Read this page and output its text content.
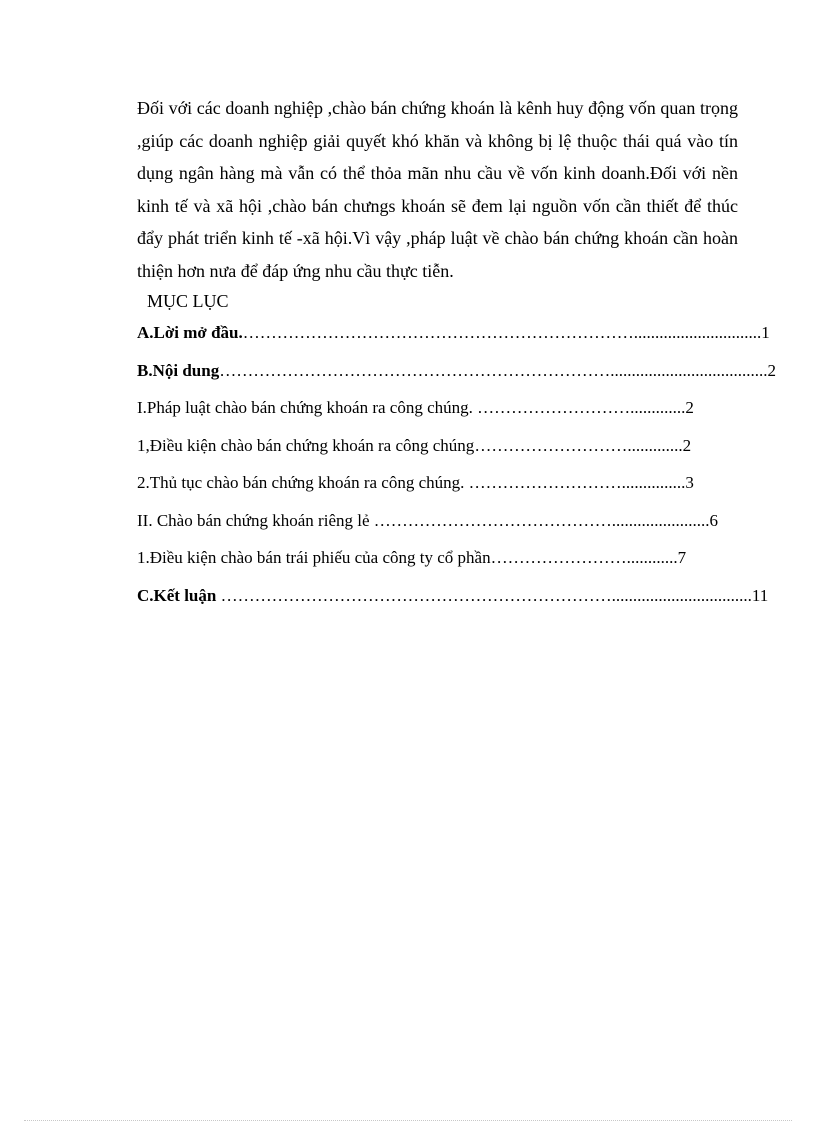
Đối với các doanh nghiệp ,chào bán chứng khoán là kênh huy động vốn quan trọng ,giúp các doanh nghiệp giải quyết khó khăn và không bị lệ thuộc thái quá vào tín dụng ngân hàng mà vẫn có thể thỏa mãn nhu cầu về vốn kinh doanh.Đối với nền kinh tế và xã hội ,chào bán chưngs khoán sẽ đem lại nguồn vốn cần thiết để thúc đẩy phát triển kinh tế -xã hội.Vì vậy ,pháp luật về chào bán chứng khoán cần hoàn thiện hơn nưa để đáp ứng nhu cầu thực tiễn.

MỤC LỤC
A.Lời mở đầu.……………………………………………………………..............................1
B.Nội dung…………………………………………………………….....................................2
I.Pháp luật chào bán chứng khoán ra công chúng. ……………………….............2
1,Điều kiện chào bán chứng khoán ra công chúng……………………….............2
2.Thủ tục chào bán chứng khoán ra công chúng. ………………………...............3
II. Chào bán chứng khoán riêng lẻ …………………………………….......................6
1.Điều kiện chào bán trái phiếu của công ty cổ phần……………………............7
C.Kết luận …………………………………………………………….................................11
